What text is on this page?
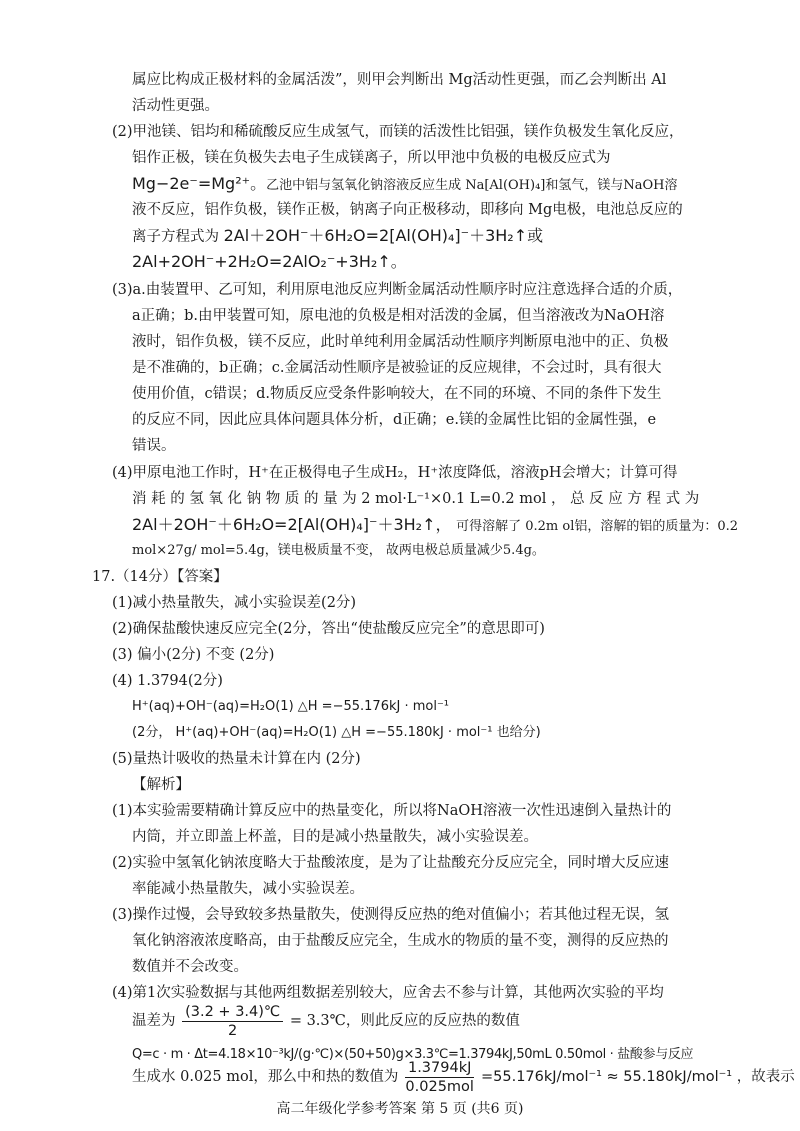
属应比构成正极材料的金属活泼”，则甲会判断出 Mg活动性更强，而乙会判断出 Al
活动性更强。
(2)甲池镁、铝均和稀硫酸反应生成氢气，而镁的活泼性比铝强，镁作负极发生氧化反应，
铝作正极，镁在负极失去电子生成镁离子，所以甲池中负极的电极反应式为
Mg−2e⁻=Mg²⁺。乙池中铝与氢氧化钠溶液反应生成 Na[Al(OH)₄]和氢气，镁与NaOH溶
液不反应，铝作负极，镁作正极，钠离子向正极移动，即移向 Mg电极，电池总反应的
离子方程式为 2Al＋2OH⁻＋6H₂O=2[Al(OH)₄]⁻＋3H₂↑或
2Al+2OH⁻+2H₂O=2AlO₂⁻+3H₂↑。
(3)a.由装置甲、乙可知，利用原电池反应判断金属活动性顺序时应注意选择合适的介质，
a正确；b.由甲装置可知，原电池的负极是相对活泼的金属，但当溶液改为NaOH溶
液时，铝作负极，镁不反应，此时单纯利用金属活动性顺序判断原电池中的正、负极
是不准确的，b正确；c.金属活动性顺序是被验证的反应规律，不会过时，具有很大
使用价值，c错误；d.物质反应受条件影响较大，在不同的环境、不同的条件下发生
的反应不同，因此应具体问题具体分析，d正确；e.镁的金属性比铝的金属性强，e
错误。
(4)甲原电池工作时，H⁺在正极得电子生成H₂，H⁺浓度降低，溶液pH会增大；计算可得
消 耗 的 氢 氧 化 钠 物 质 的 量 为 2 mol·L⁻¹×0.1 L=0.2 mol ， 总 反 应 方 程 式 为
2Al＋2OH⁻＋6H₂O=2[Al(OH)₄]⁻＋3H₂↑， 可得溶解了 0.2m ol铝，溶解的铝的质量为：0.2
mol×27g/ mol=5.4g，镁电极质量不变， 故两电极总质量减少5.4g。
17.（14分）【答案】
(1)减小热量散失，减小实验误差(2分)
(2)确保盐酸快速反应完全(2分，答出“使盐酸反应完全”的意思即可)
(3) 偏小(2分) 不变 (2分)
(4) 1.3794(2分)
H⁺(aq)+OH⁻(aq)=H₂O(1) △H =−55.176kJ · mol⁻¹
(2分， H⁺(aq)+OH⁻(aq)=H₂O(1) △H =−55.180kJ · mol⁻¹ 也给分)
(5)量热计吸收的热量未计算在内 (2分)
【解析】
(1)本实验需要精确计算反应中的热量变化，所以将NaOH溶液一次性迅速倒入量热计的
内筒，并立即盖上杯盖，目的是减小热量散失，减小实验误差。
(2)实验中氢氧化钠浓度略大于盐酸浓度，是为了让盐酸充分反应完全，同时增大反应速
率能减小热量散失，减小实验误差。
(3)操作过慢，会导致较多热量散失，使测得反应热的绝对值偏小；若其他过程无误，氢
氧化钠溶液浓度略高，由于盐酸反应完全，生成水的物质的量不变，测得的反应热的
数值并不会改变。
(4)第1次实验数据与其他两组数据差别较大，应舍去不参与计算，其他两次实验的平均
温差为 $\frac{(3.2 + 3.4)℃}{2}$ = 3.3℃，则此反应的反应热的数值
Q=c · m · Δt=4.18×10⁻³kJ/(g·℃)×(50+50)g×3.3℃=1.3794kJ,50mL 0.50mol · 盐酸参与反应
生成水 0.025 mol，那么中和热的数值为 $\frac{1.3794kJ}{\text{0.025mol}} =55.176kJ/mol^{-1} \approx 55.180kJ/mol^{-1}$ ，故表示
高二年级化学参考答案 第 5 页 (共6 页)
